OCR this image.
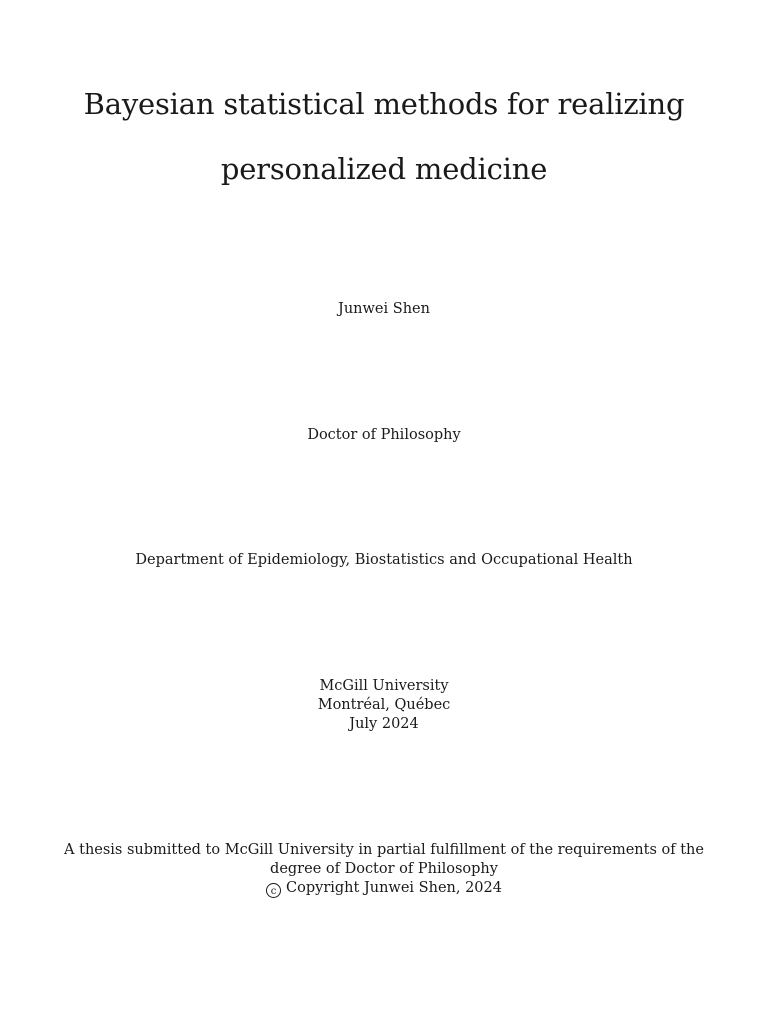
Bayesian statistical methods for realizing
personalized medicine
Junwei Shen
Doctor of Philosophy
Department of Epidemiology, Biostatistics and Occupational Health
McGill University
Montréal, Québec
July 2024
A thesis submitted to McGill University in partial fulfillment of the requirements of the
degree of Doctor of Philosophy
c Copyright Junwei Shen, 2024
